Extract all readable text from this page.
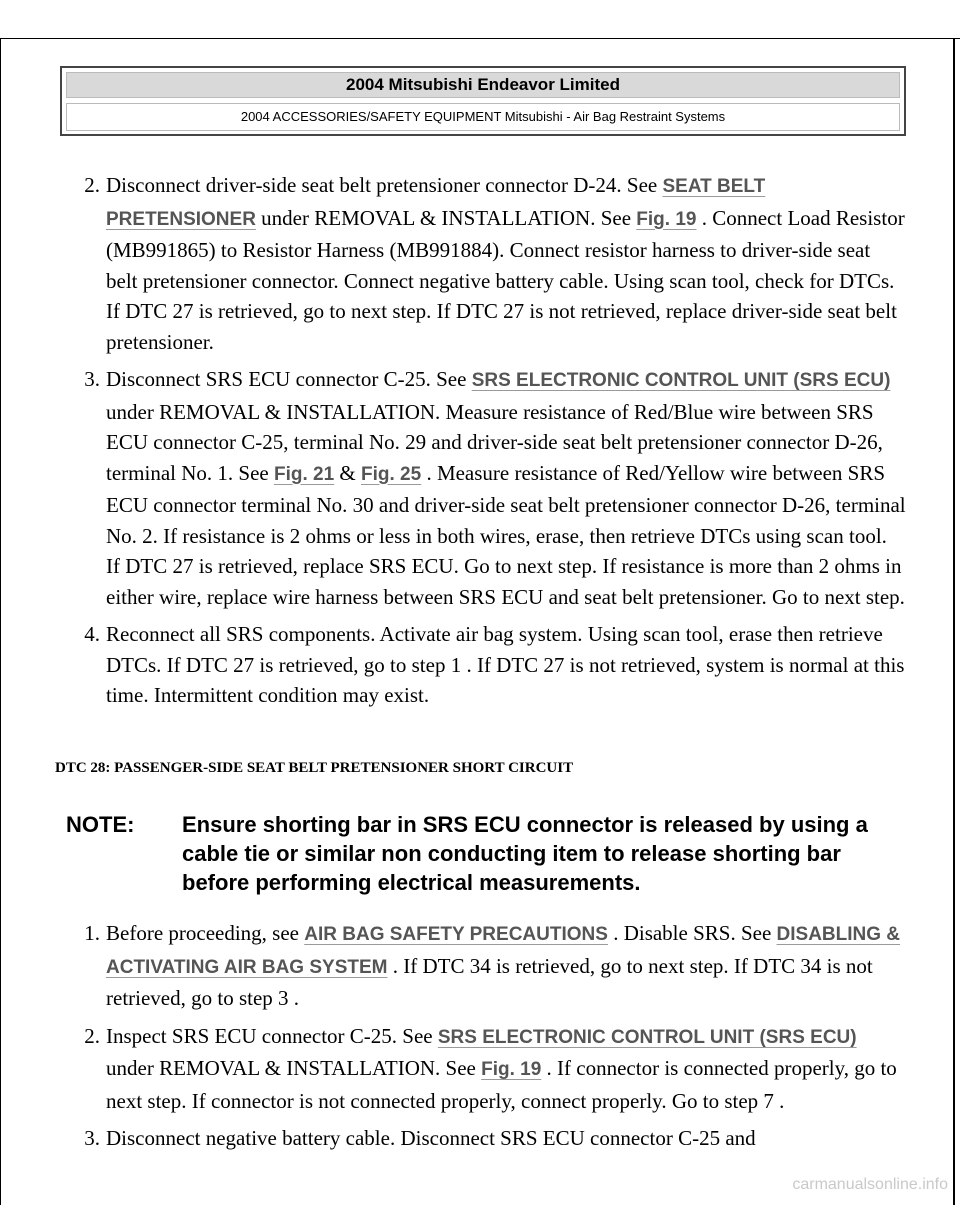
2004 Mitsubishi Endeavor Limited
2004 ACCESSORIES/SAFETY EQUIPMENT Mitsubishi - Air Bag Restraint Systems
2. Disconnect driver-side seat belt pretensioner connector D-24. See SEAT BELT PRETENSIONER under REMOVAL & INSTALLATION. See Fig. 19 . Connect Load Resistor (MB991865) to Resistor Harness (MB991884). Connect resistor harness to driver-side seat belt pretensioner connector. Connect negative battery cable. Using scan tool, check for DTCs. If DTC 27 is retrieved, go to next step. If DTC 27 is not retrieved, replace driver-side seat belt pretensioner.
3. Disconnect SRS ECU connector C-25. See SRS ELECTRONIC CONTROL UNIT (SRS ECU) under REMOVAL & INSTALLATION. Measure resistance of Red/Blue wire between SRS ECU connector C-25, terminal No. 29 and driver-side seat belt pretensioner connector D-26, terminal No. 1. See Fig. 21 & Fig. 25 . Measure resistance of Red/Yellow wire between SRS ECU connector terminal No. 30 and driver-side seat belt pretensioner connector D-26, terminal No. 2. If resistance is 2 ohms or less in both wires, erase, then retrieve DTCs using scan tool. If DTC 27 is retrieved, replace SRS ECU. Go to next step. If resistance is more than 2 ohms in either wire, replace wire harness between SRS ECU and seat belt pretensioner. Go to next step.
4. Reconnect all SRS components. Activate air bag system. Using scan tool, erase then retrieve DTCs. If DTC 27 is retrieved, go to step 1 . If DTC 27 is not retrieved, system is normal at this time. Intermittent condition may exist.
DTC 28: PASSENGER-SIDE SEAT BELT PRETENSIONER SHORT CIRCUIT
NOTE:	Ensure shorting bar in SRS ECU connector is released by using a cable tie or similar non conducting item to release shorting bar before performing electrical measurements.
1. Before proceeding, see AIR BAG SAFETY PRECAUTIONS . Disable SRS. See DISABLING & ACTIVATING AIR BAG SYSTEM . If DTC 34 is retrieved, go to next step. If DTC 34 is not retrieved, go to step 3 .
2. Inspect SRS ECU connector C-25. See SRS ELECTRONIC CONTROL UNIT (SRS ECU) under REMOVAL & INSTALLATION. See Fig. 19 . If connector is connected properly, go to next step. If connector is not connected properly, connect properly. Go to step 7 .
3. Disconnect negative battery cable. Disconnect SRS ECU connector C-25 and
carmanualsonline.info
